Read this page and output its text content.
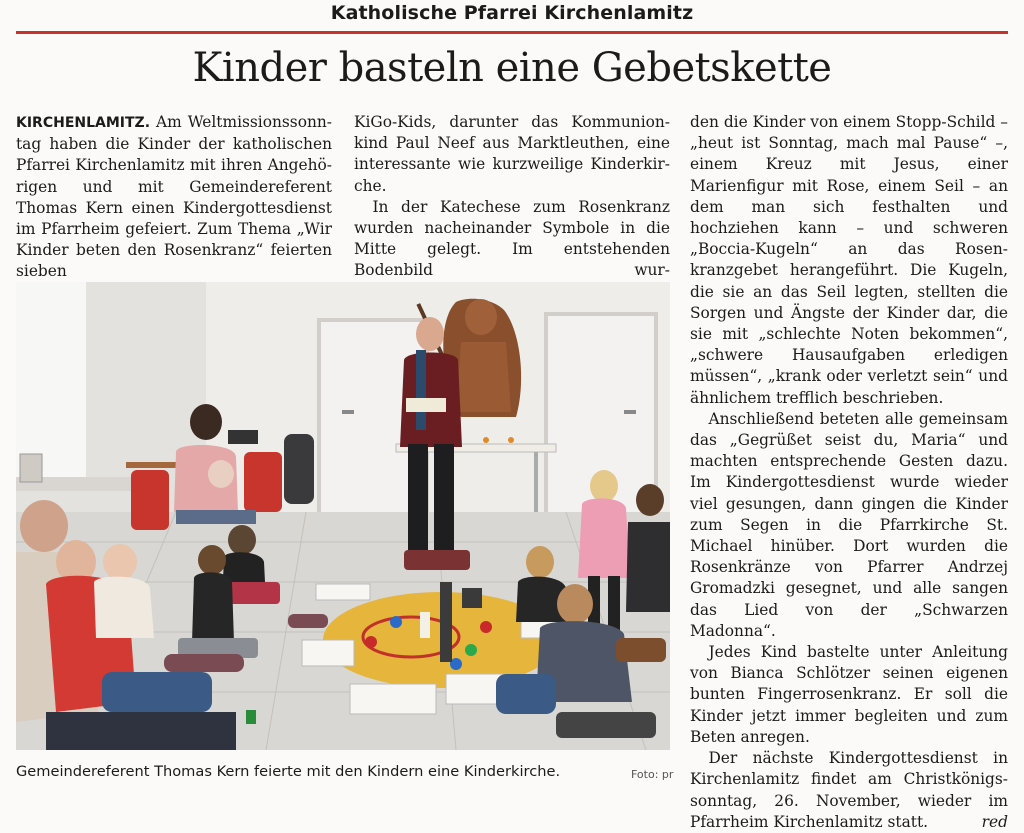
Katholische Pfarrei Kirchenlamitz
Kinder basteln eine Gebetskette

KIRCHENLAMITZ. Am Weltmissionssonntag haben die Kinder der katholischen Pfarrei Kirchenlamitz mit ihren Angehörigen und mit Gemeindereferent Thomas Kern einen Kindergottesdienst im Pfarrheim gefeiert. Zum Thema „Wir Kinder beten den Rosenkranz“ feierten sieben

KiGo-Kids, darunter das Kommunionkind Paul Neef aus Marktleuthen, eine interessante wie kurzweilige Kinderkirche.

In der Katechese zum Rosenkranz wurden nacheinander Symbole in die Mitte gelegt. Im entstehenden Bodenbild wur-

den die Kinder von einem Stopp-Schild – „heut ist Sonntag, mach mal Pause“ –, einem Kreuz mit Jesus, einer Marienfigur mit Rose, einem Seil – an dem man sich festhalten und hochziehen kann – und schweren „Boccia-Kugeln“ an das Rosenkranzgebet herangeführt. Die Kugeln, die sie an das Seil legten, stellten die Sorgen und Ängste der Kinder dar, die sie mit „schlechte Noten bekommen“, „schwere Hausaufgaben erledigen müssen“, „krank oder verletzt sein“ und ähnlichem trefflich beschrieben.

Anschließend beteten alle gemeinsam das „Gegrüßet seist du, Maria“ und machten entsprechende Gesten dazu. Im Kindergottesdienst wurde wieder viel gesungen, dann gingen die Kinder zum Segen in die Pfarrkirche St. Michael hinüber. Dort wurden die Rosenkränze von Pfarrer Andrzej Gromadzki gesegnet, und alle sangen das Lied von der „Schwarzen Madonna“.

Jedes Kind bastelte unter Anleitung von Bianca Schlötzer seinen eigenen bunten Fingerrosenkranz. Er soll die Kinder jetzt immer begleiten und zum Beten anregen.

Der nächste Kindergottesdienst in Kirchenlamitz findet am Christkönigssonntag, 26. November, wieder im Pfarrheim Kirchenlamitz statt.	red

Gemeindereferent Thomas Kern feierte mit den Kindern eine Kinderkirche.	Foto: pr
